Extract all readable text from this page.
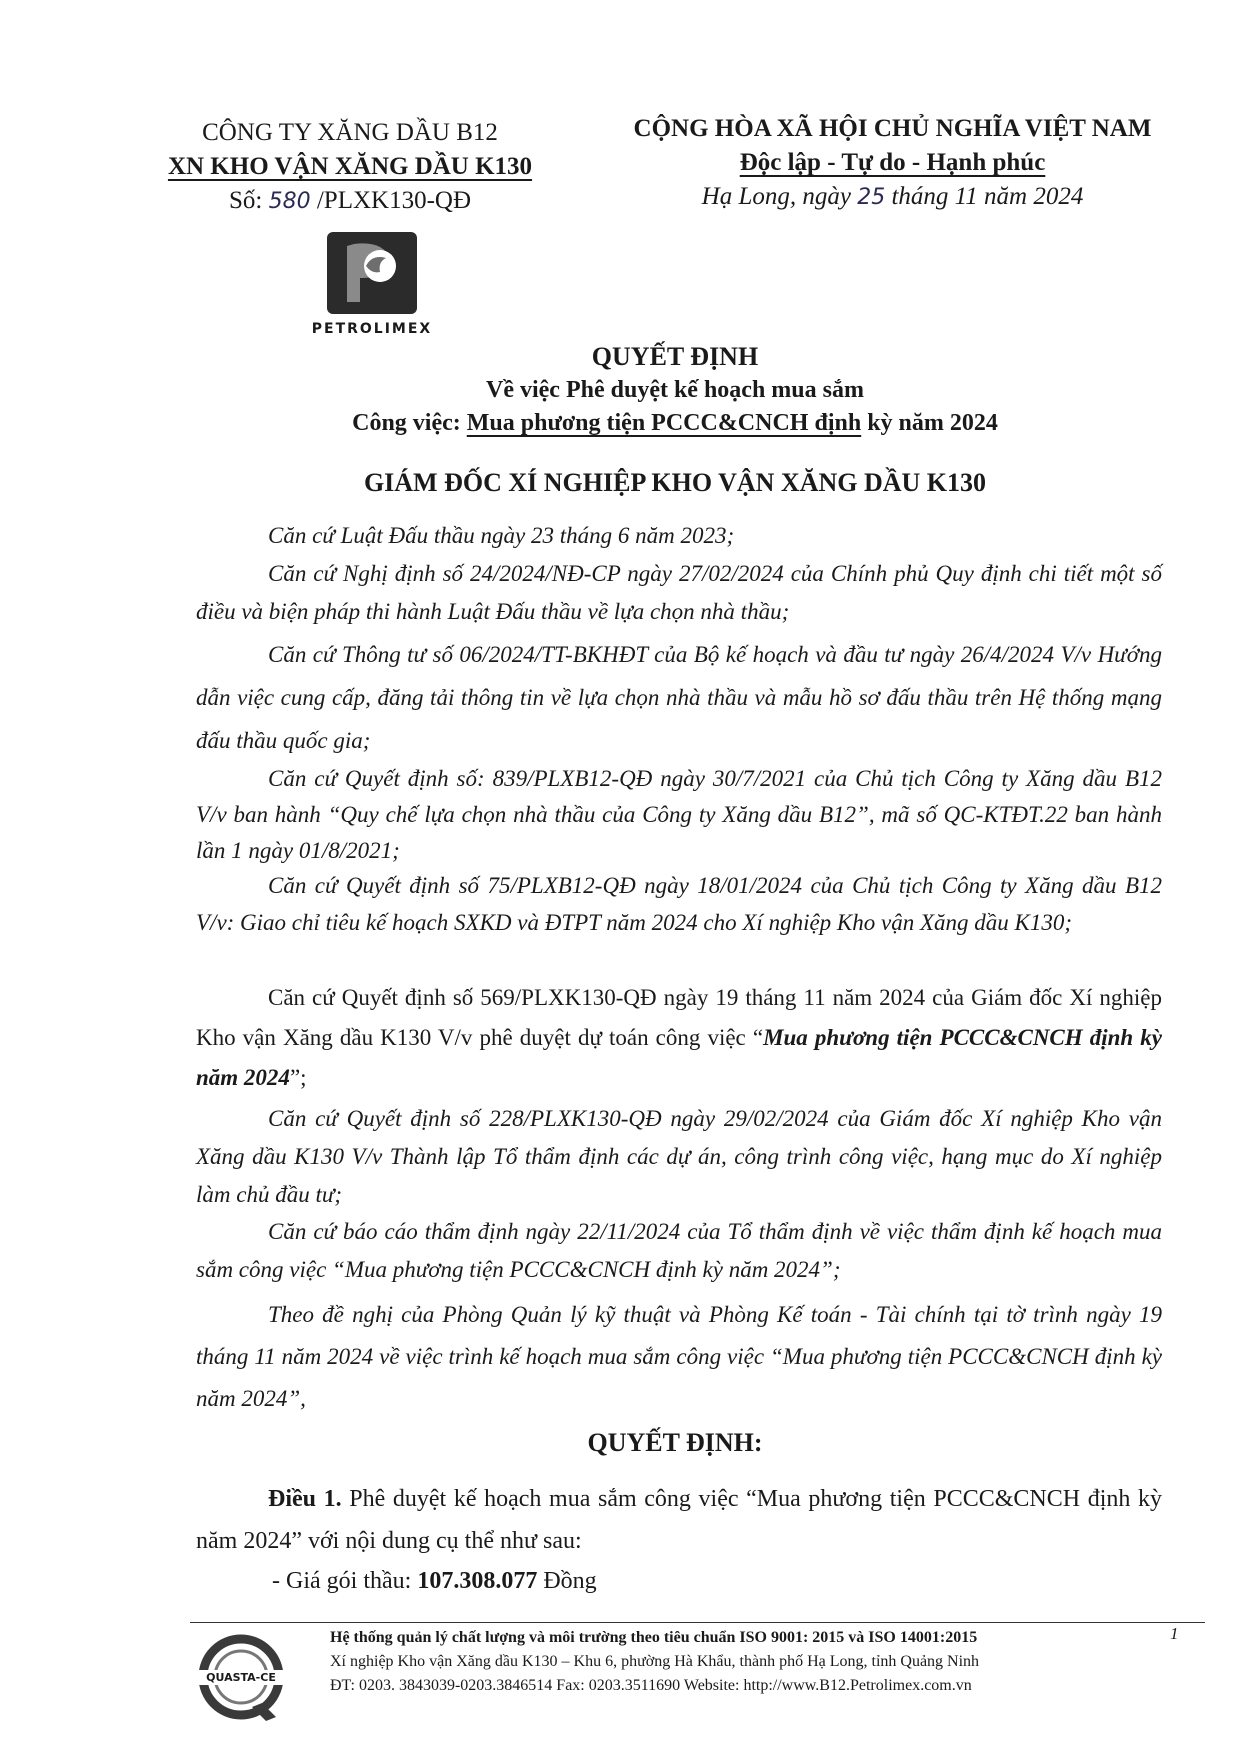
CÔNG TY XĂNG DẦU B12
XN KHO VẬN XĂNG DẦU K130
Số: 580 /PLXK130-QĐ
PETROLIMEX
CỘNG HÒA XÃ HỘI CHỦ NGHĨA VIỆT NAM
Độc lập - Tự do - Hạnh phúc
Hạ Long, ngày 25 tháng 11 năm 2024
QUYẾT ĐỊNH
Về việc Phê duyệt kế hoạch mua sắm
Công việc: Mua phương tiện PCCC&CNCH định kỳ năm 2024
GIÁM ĐỐC XÍ NGHIỆP KHO VẬN XĂNG DẦU K130

Căn cứ Luật Đấu thầu ngày 23 tháng 6 năm 2023;

Căn cứ Nghị định số 24/2024/NĐ-CP ngày 27/02/2024 của Chính phủ Quy định chi tiết một số điều và biện pháp thi hành Luật Đấu thầu về lựa chọn nhà thầu;

Căn cứ Thông tư số 06/2024/TT-BKHĐT của Bộ kế hoạch và đầu tư ngày 26/4/2024 V/v Hướng dẫn việc cung cấp, đăng tải thông tin về lựa chọn nhà thầu và mẫu hồ sơ đấu thầu trên Hệ thống mạng đấu thầu quốc gia;

Căn cứ Quyết định số: 839/PLXB12-QĐ ngày 30/7/2021 của Chủ tịch Công ty Xăng dầu B12 V/v ban hành “Quy chế lựa chọn nhà thầu của Công ty Xăng dầu B12”, mã số QC-KTĐT.22 ban hành lần 1 ngày 01/8/2021;

Căn cứ Quyết định số 75/PLXB12-QĐ ngày 18/01/2024 của Chủ tịch Công ty Xăng dầu B12 V/v: Giao chỉ tiêu kế hoạch SXKD và ĐTPT năm 2024 cho Xí nghiệp Kho vận Xăng dầu K130;

Căn cứ Quyết định số 569/PLXK130-QĐ ngày 19 tháng 11 năm 2024 của Giám đốc Xí nghiệp Kho vận Xăng dầu K130 V/v phê duyệt dự toán công việc “Mua phương tiện PCCC&CNCH định kỳ năm 2024”;

Căn cứ Quyết định số 228/PLXK130-QĐ ngày 29/02/2024 của Giám đốc Xí nghiệp Kho vận Xăng dầu K130 V/v Thành lập Tổ thẩm định các dự án, công trình công việc, hạng mục do Xí nghiệp làm chủ đầu tư;

Căn cứ báo cáo thẩm định ngày 22/11/2024 của Tổ thẩm định về việc thẩm định kế hoạch mua sắm công việc “Mua phương tiện PCCC&CNCH định kỳ năm 2024”;

Theo đề nghị của Phòng Quản lý kỹ thuật và Phòng Kế toán - Tài chính tại tờ trình ngày 19 tháng 11 năm 2024 về việc trình kế hoạch mua sắm công việc “Mua phương tiện PCCC&CNCH định kỳ năm 2024”,

QUYẾT ĐỊNH:

Điều 1. Phê duyệt kế hoạch mua sắm công việc “Mua phương tiện PCCC&CNCH định kỳ năm 2024” với nội dung cụ thể như sau:

- Giá gói thầu: 107.308.077 Đồng
QUASTA-CE
Hệ thống quản lý chất lượng và môi trường theo tiêu chuẩn ISO 9001: 2015 và ISO 14001:2015
Xí nghiệp Kho vận Xăng dầu K130 – Khu 6, phường Hà Khẩu, thành phố Hạ Long, tỉnh Quảng Ninh
ĐT: 0203. 3843039-0203.3846514 Fax: 0203.3511690 Website: http://www.B12.Petrolimex.com.vn
1
